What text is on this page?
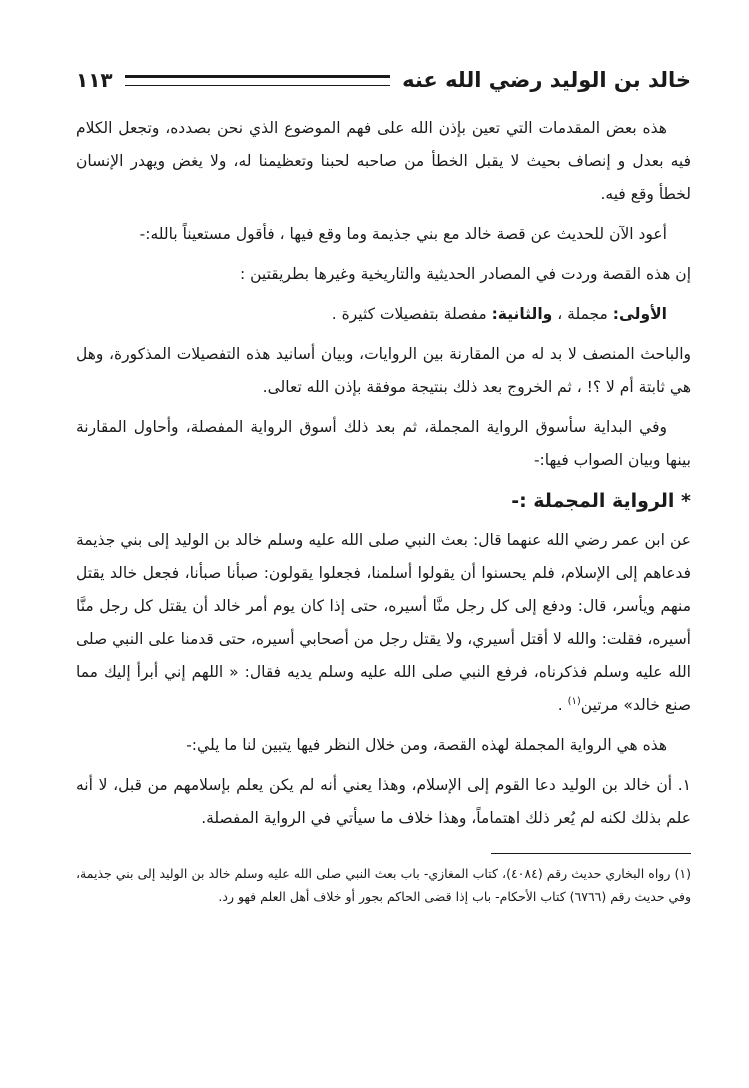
خالد بن الوليد رضي الله عنه
١١٣

هذه بعض المقدمات التي تعين بإذن الله على فهم الموضوع الذي نحن بصدده، وتجعل الكلام فيه بعدل و إنصاف بحيث لا يقبل الخطأ من صاحبه لحبنا وتعظيمنا له، ولا يغض ويهدر الإنسان لخطأ وقع فيه.

أعود الآن للحديث عن قصة خالد مع بني جذيمة وما وقع فيها ، فأقول مستعيناً بالله:-

إن هذه القصة وردت في المصادر الحديثية والتاريخية وغيرها بطريقتين :

الأولى: مجملة ، والثانية: مفصلة بتفصيلات كثيرة .

والباحث المنصف لا بد له من المقارنة بين الروايات، وبيان أسانيد هذه التفصيلات المذكورة، وهل هي ثابتة أم لا ؟! ، ثم الخروج بعد ذلك بنتيجة موفقة بإذن الله تعالى.

وفي البداية سأسوق الرواية المجملة، ثم بعد ذلك أسوق الرواية المفصلة، وأحاول المقارنة بينها وبيان الصواب فيها:-

* الرواية المجملة :-

عن ابن عمر رضي الله عنهما قال: بعث النبي صلى الله عليه وسلم خالد بن الوليد إلى بني جذيمة فدعاهم إلى الإسلام، فلم يحسنوا أن يقولوا أسلمنا، فجعلوا يقولون: صبأنا صبأنا، فجعل خالد يقتل منهم ويأسر، قال: ودفع إلى كل رجل منَّا أسيره، حتى إذا كان يوم أمر خالد أن يقتل كل رجل منَّا أسيره، فقلت: والله لا أقتل أسيري، ولا يقتل رجل من أصحابي أسيره، حتى قدمنا على النبي صلى الله عليه وسلم فذكرناه، فرفع النبي صلى الله عليه وسلم يديه فقال: « اللهم إني أبرأ إليك مما صنع خالد» مرتين$^{(١)}$ .

هذه هي الرواية المجملة لهذه القصة، ومن خلال النظر فيها يتبين لنا ما يلي:-

١. أن خالد بن الوليد دعا القوم إلى الإسلام، وهذا يعني أنه لم يكن يعلم بإسلامهم من قبل، لا أنه علم بذلك لكنه لم يُعر ذلك اهتماماً، وهذا خلاف ما سيأتي في الرواية المفصلة.

(١) رواه البخاري حديث رقم (٤٠٨٤)، كتاب المغازي- باب بعث النبي صلى الله عليه وسلم خالد بن الوليد إلى بني جذيمة، وفي حديث رقم (٦٧٦٦) كتاب الأحكام- باب إذا قضى الحاكم بجور أو خلاف أهل العلم فهو رد.
